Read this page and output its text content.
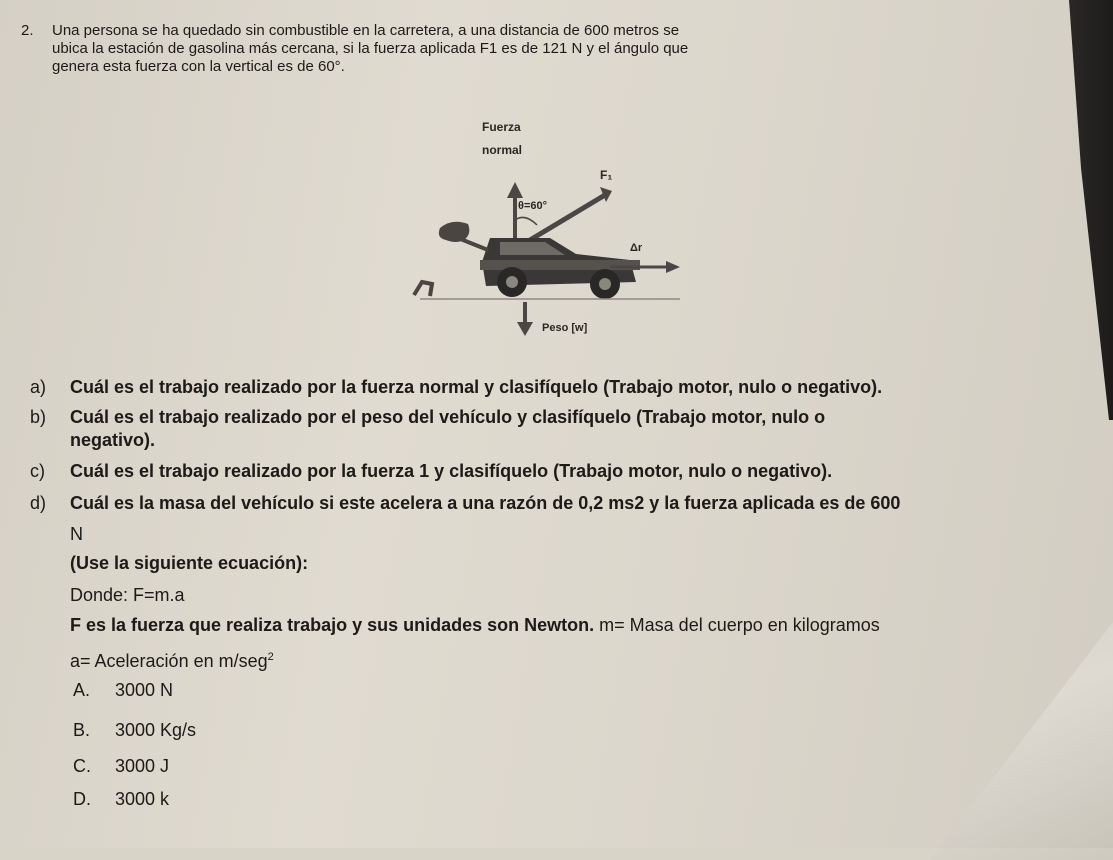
2. Una persona se ha quedado sin combustible en la carretera, a una distancia de 600 metros se

ubica la estación de gasolina más cercana, si la fuerza aplicada F1 es de 121 N y el ángulo que

genera esta fuerza con la vertical es de 60°.

Fuerza
normal
F₁
θ=60°
Δr
Peso [w]
a) Cuál es el trabajo realizado por la fuerza normal y clasifíquelo (Trabajo motor, nulo o negativo).
b) Cuál es el trabajo realizado por el peso del vehículo y clasifíquelo (Trabajo motor, nulo o
negativo).
c) Cuál es el trabajo realizado por la fuerza 1 y clasifíquelo (Trabajo motor, nulo o negativo).
d) Cuál es la masa del vehículo si este acelera a una razón de 0,2 ms2 y la fuerza aplicada es de 600
N
(Use la siguiente ecuación):
Donde: F=m.a
F es la fuerza que realiza trabajo y sus unidades son Newton. m= Masa del cuerpo en kilogramos
a= Aceleración en m/seg$^2$
A. 3000 N
B. 3000 Kg/s
C. 3000 J
D. 3000 k
